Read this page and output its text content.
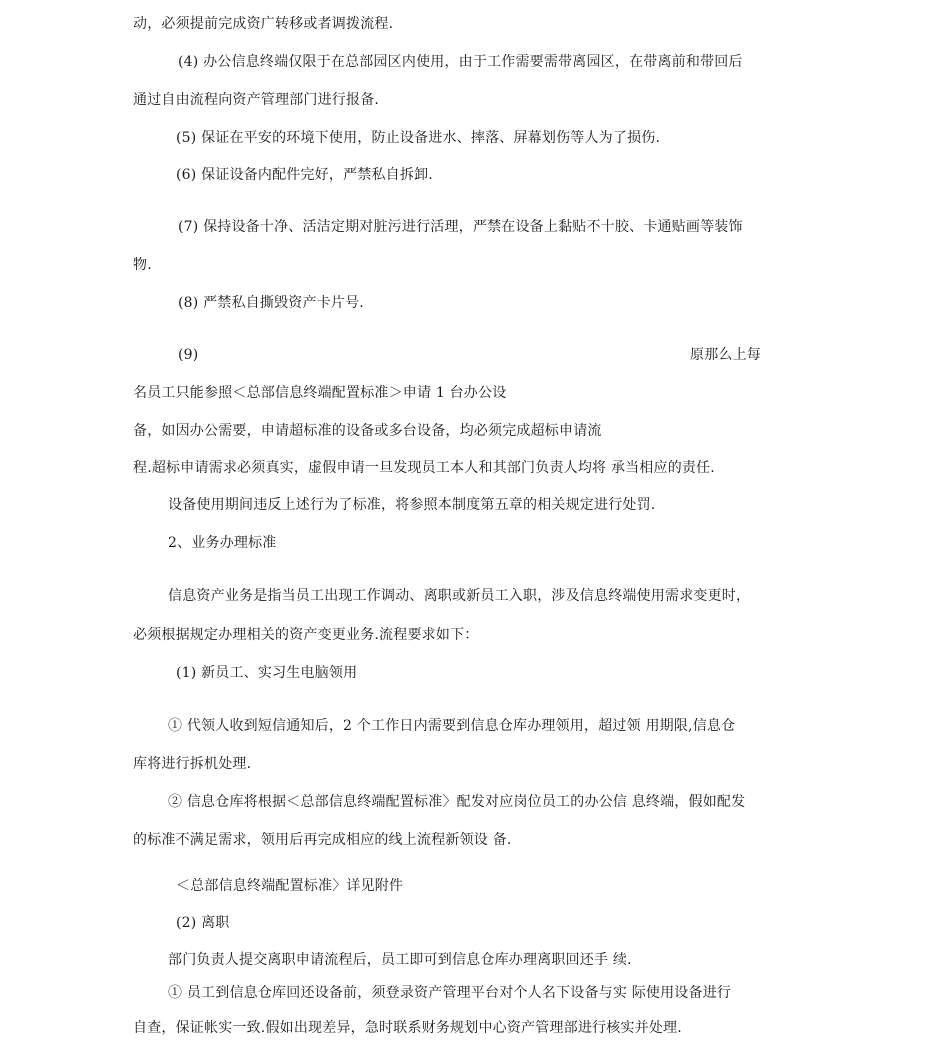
动，必须提前完成资广转移或者调拨流程.
(4) 办公信息终端仅限于在总部园区内使用，由于工作需要需带离园区，在带离前和带回后
通过自由流程向资产管理部门进行报备.
(5) 保证在平安的环境下使用，防止设备进水、摔落、屏幕划伤等人为了损伤.
(6) 保证设备内配件完好，严禁私自拆卸.
(7) 保持设备十净、活洁定期对脏污进行活理，严禁在设备上黏贴不十胶、卡通贴画等装饰
物.
(8) 严禁私自撕毁资产卡片号.
(9)	原那么上每
名员工只能参照＜总部信息终端配置标准＞申请 1 台办公设
备，如因办公需要，申请超标准的设备或多台设备，均必须完成超标申请流
程.超标申请需求必须真实，虚假申请一旦发现员工本人和其部门负责人均将 承当相应的责任.
设备使用期间违反上述行为了标准，将参照本制度第五章的相关规定进行处罚.
2、业务办理标准
信息资产业务是指当员工出现工作调动、离职或新员工入职，涉及信息终端使用需求变更时，
必须根据规定办理相关的资产变更业务.流程要求如下：
(1) 新员工、实习生电脑领用
① 代领人收到短信通知后，2 个工作日内需要到信息仓库办理领用，超过领 用期限,信息仓
库将进行拆机处理.
② 信息仓库将根据＜总部信息终端配置标准〉配发对应岗位员工的办公信 息终端，假如配发
的标准不满足需求，领用后再完成相应的线上流程新领设 备.
＜总部信息终端配置标准〉详见附件
(2) 离职
部门负责人提交离职申请流程后，员工即可到信息仓库办理离职回还手 续.
① 员工到信息仓库回还设备前，须登录资产管理平台对个人名下设备与实 际使用设备进行
自查，保证帐实一致.假如出现差异，急时联系财务规划中心资产管理部进行核实并处理.
